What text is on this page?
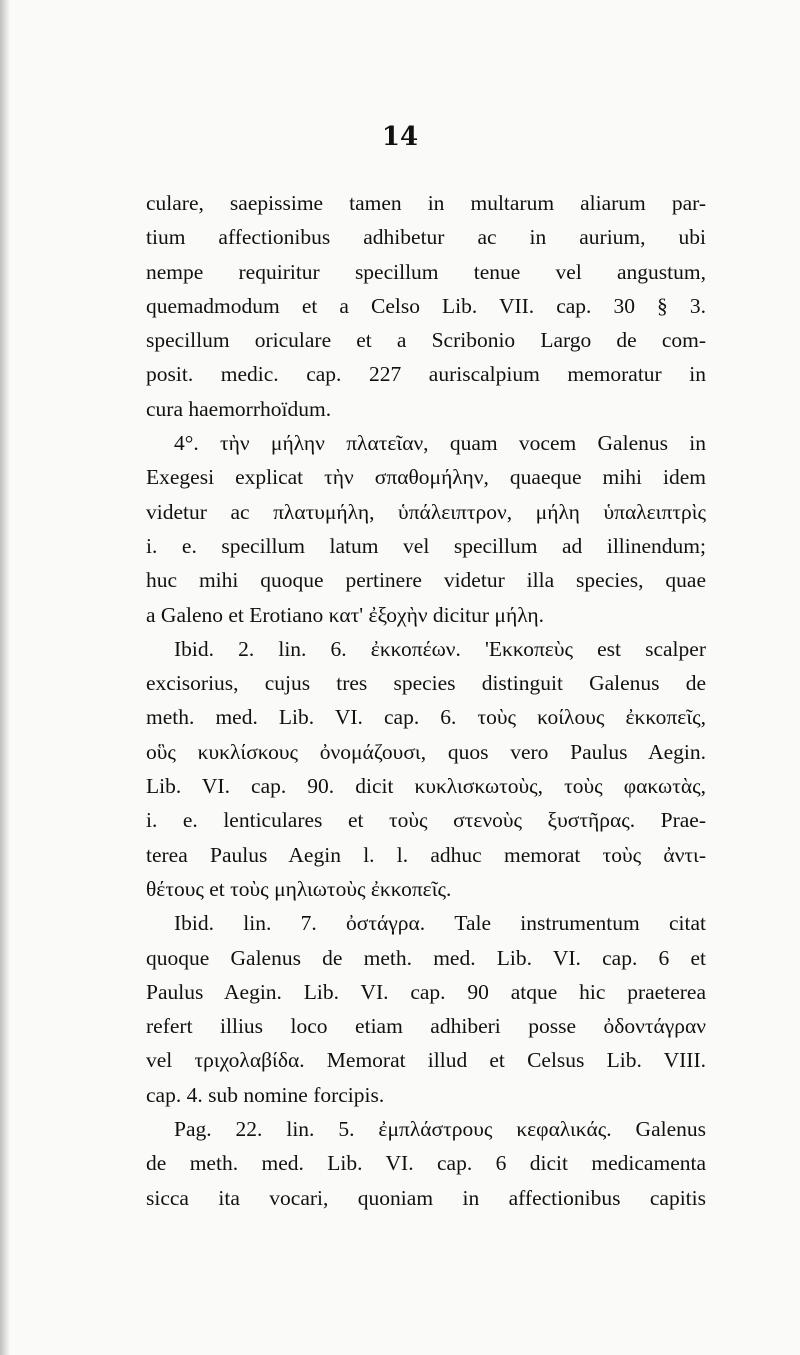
14
culare, saepissime tamen in multarum aliarum par-
tium affectionibus adhibetur ac in aurium, ubi
nempe requiritur specillum tenue vel angustum,
quemadmodum et a Celso Lib. VII. cap. 30 § 3.
specillum oriculare et a Scribonio Largo de com-
posit. medic. cap. 227 auriscalpium memoratur in
cura haemorrhoïdum.
4°. τὴν μήλην πλατεῖαν, quam vocem Galenus in
Exegesi explicat τὴν σπαθομήλην, quaeque mihi idem
videtur ac πλατυμήλη, ὑπάλειπτρον, μήλη ὑπαλειπτρὶς
i. e. specillum latum vel specillum ad illinendum;
huc mihi quoque pertinere videtur illa species, quae
a Galeno et Erotiano κατ' ἐξοχὴν dicitur μήλη.
Ibid. 2. lin. 6. ἐκκοπέων. 'Εκκοπεὺς est scalper
excisorius, cujus tres species distinguit Galenus de
meth. med. Lib. VI. cap. 6. τοὺς κοίλους ἐκκοπεῖς,
οὓς κυκλίσκους ὀνομάζουσι, quos vero Paulus Aegin.
Lib. VI. cap. 90. dicit κυκλισκωτοὺς, τοὺς φακωτὰς,
i. e. lenticulares et τοὺς στενοὺς ξυστῆρας. Prae-
terea Paulus Aegin l. l. adhuc memorat τοὺς ἀντι-
θέτους et τοὺς μηλιωτοὺς ἐκκοπεῖς.
Ibid. lin. 7. ὀστάγρα. Tale instrumentum citat
quoque Galenus de meth. med. Lib. VI. cap. 6 et
Paulus Aegin. Lib. VI. cap. 90 atque hic praeterea
refert illius loco etiam adhiberi posse ὀδοντάγραν
vel τριχολαβίδα. Memorat illud et Celsus Lib. VIII.
cap. 4. sub nomine forcipis.
Pag. 22. lin. 5. ἐμπλάστρους κεφαλικάς. Galenus
de meth. med. Lib. VI. cap. 6 dicit medicamenta
sicca ita vocari, quoniam in affectionibus capitis
